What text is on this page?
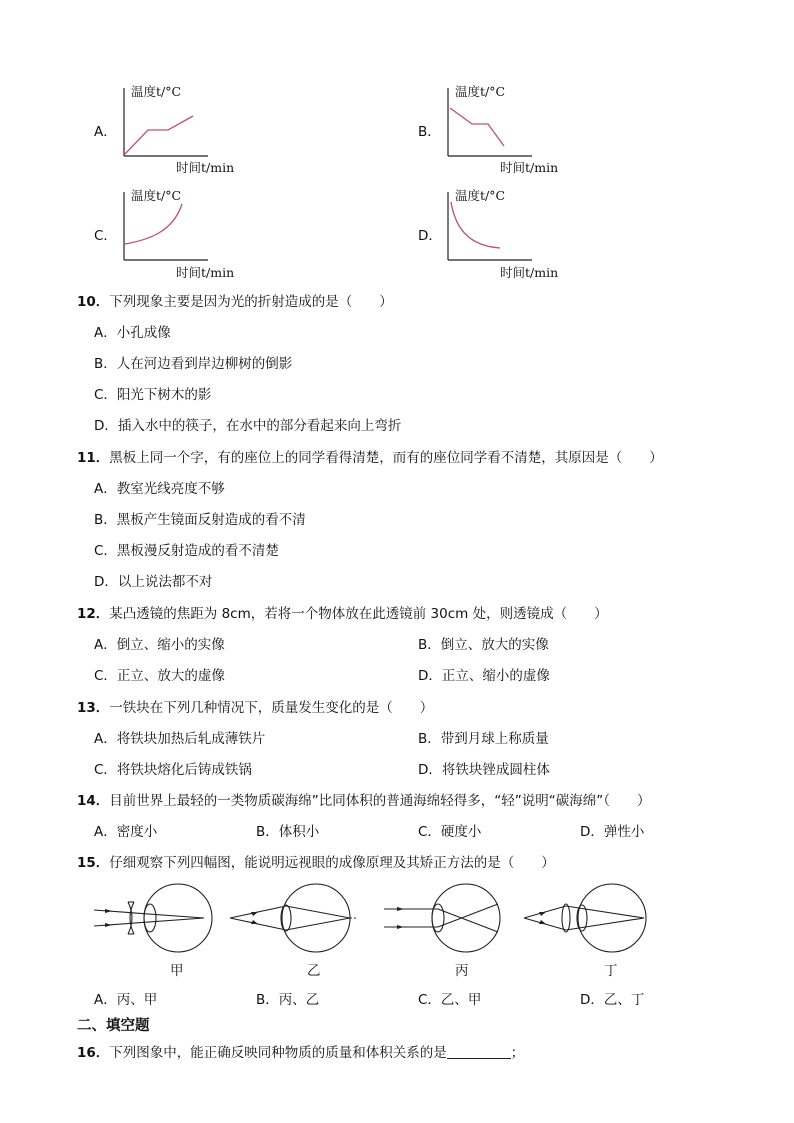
A．	B．
C．	D．
温度t/°C
时间t/min
温度t/°C
时间t/min
温度t/°C
时间t/min
温度t/°C
时间t/min
10．下列现象主要是因为光的折射造成的是（　　）
A．小孔成像
B．人在河边看到岸边柳树的倒影
C．阳光下树木的影
D．插入水中的筷子，在水中的部分看起来向上弯折
11．黑板上同一个字，有的座位上的同学看得清楚，而有的座位同学看不清楚，其原因是（　　）
A．教室光线亮度不够
B．黑板产生镜面反射造成的看不清
C．黑板漫反射造成的看不清楚
D．以上说法都不对
12．某凸透镜的焦距为 8cm，若将一个物体放在此透镜前 30cm 处，则透镜成（　　）
A．倒立、缩小的实像	B．倒立、放大的实像
C．正立、放大的虚像	D．正立、缩小的虚像
13．一铁块在下列几种情况下，质量发生变化的是（　　）
A．将铁块加热后轧成薄铁片	B．带到月球上称质量
C．将铁块熔化后铸成铁锅	D．将铁块锉成圆柱体
14．目前世界上最轻的一类物质碳海绵”比同体积的普通海绵轻得多，“轻”说明“碳海绵”（　　）
A．密度小	B．体积小	C．硬度小	D．弹性小
15．仔细观察下列四幅图，能说明远视眼的成像原理及其矫正方法的是（　　）
甲	乙	丙	丁
A．丙、甲	B．丙、乙	C．乙、甲	D．乙、丁
二、填空题
16．下列图象中，能正确反映同种物质的质量和体积关系的是	；
